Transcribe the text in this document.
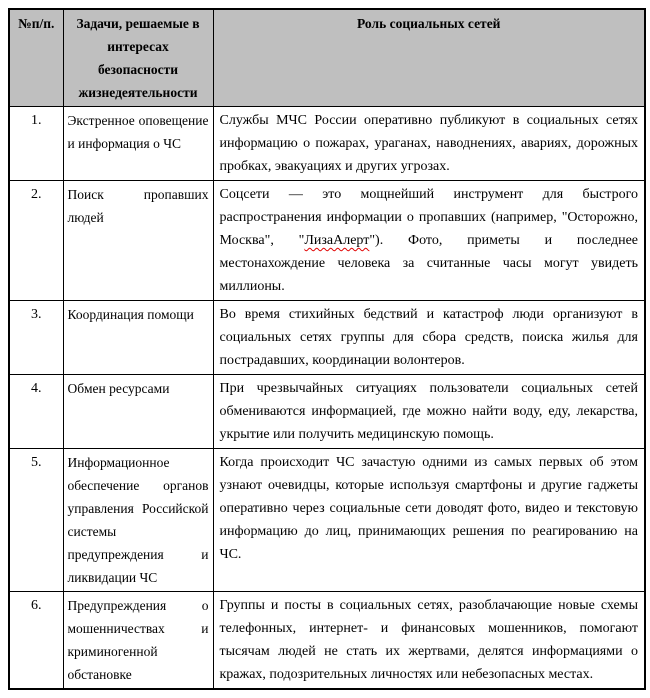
№п/п.	Задачи, решаемые в интересах безопасности жизнедеятельности	Роль социальных сетей
1.	Экстренное оповещение и информация о ЧС	Службы МЧС России оперативно публикуют в социальных сетях информацию о пожарах, ураганах, наводнениях, авариях, дорожных пробках, эвакуациях и других угрозах.
2.	Поиск пропавших людей	Соцсети — это мощнейший инструмент для быстрого распространения информации о пропавших (например, "Осторожно, Москва", "ЛизаАлерт"). Фото, приметы и последнее местонахождение человека за считанные часы могут увидеть миллионы.
3.	Координация помощи	Во время стихийных бедствий и катастроф люди организуют в социальных сетях группы для сбора средств, поиска жилья для пострадавших, координации волонтеров.
4.	Обмен ресурсами	При чрезвычайных ситуациях пользователи социальных сетей обмениваются информацией, где можно найти воду, еду, лекарства, укрытие или получить медицинскую помощь.
5.	Информационное обеспечение органов управления Российской системы предупреждения и ликвидации ЧС	Когда происходит ЧС зачастую одними из самых первых об этом узнают очевидцы, которые используя смартфоны и другие гаджеты оперативно через социальные сети доводят фото, видео и текстовую информацию до лиц, принимающих решения по реагированию на ЧС.
6.	Предупреждения о мошенничествах и криминогенной обстановке	Группы и посты в социальных сетях, разоблачающие новые схемы телефонных, интернет- и финансовых мошенников, помогают тысячам людей не стать их жертвами, делятся информациями о кражах, подозрительных личностях или небезопасных местах.
